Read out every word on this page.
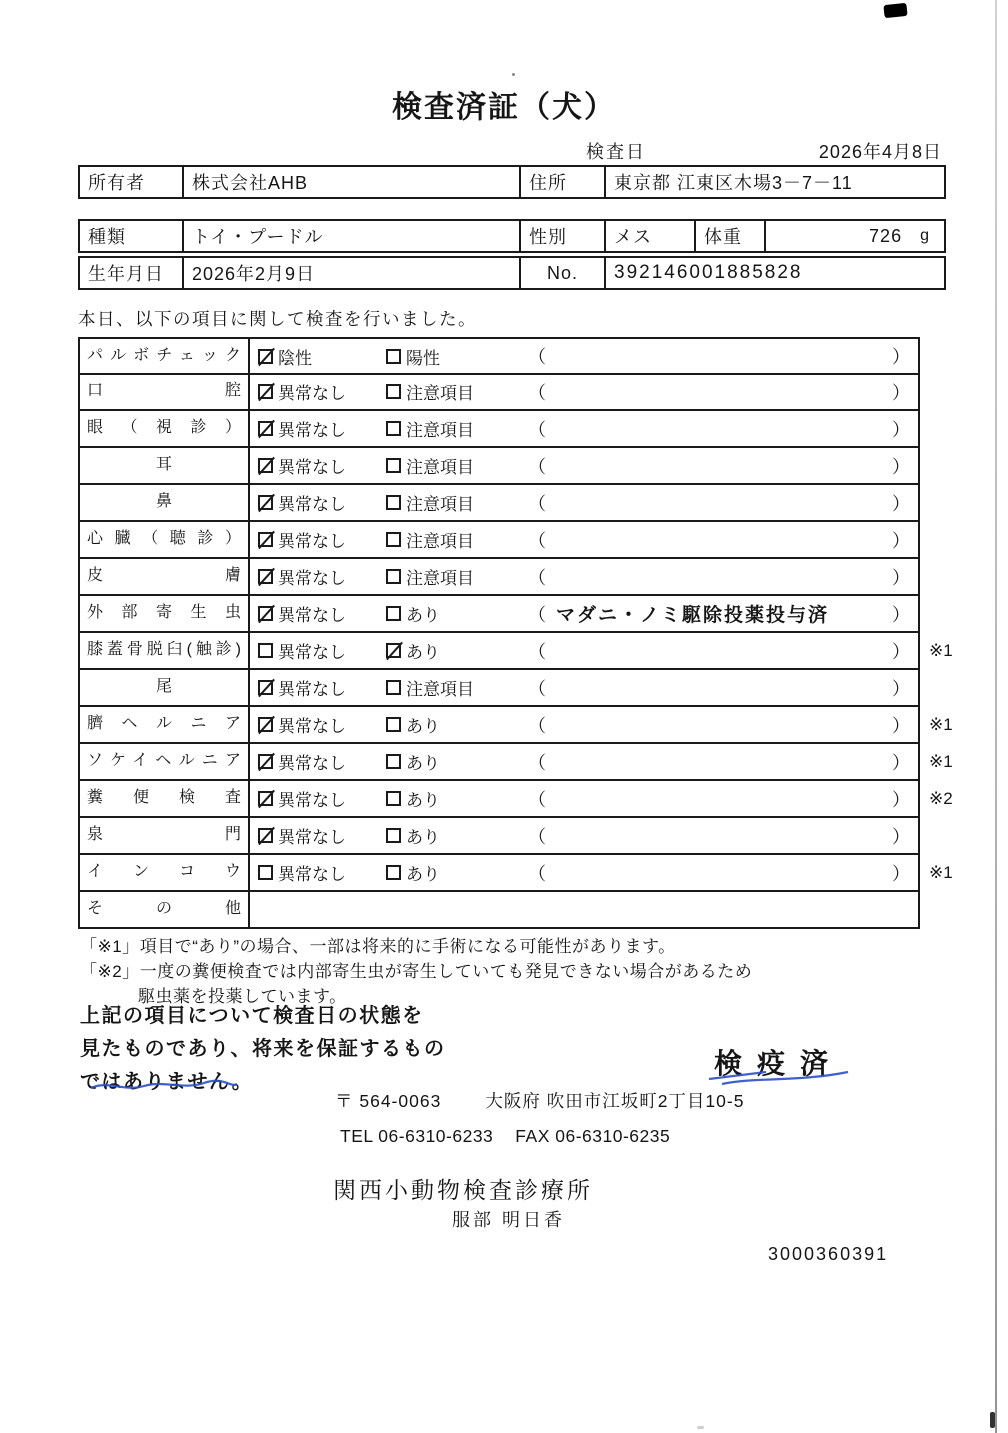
検査済証（犬）
検査日	2026年4月8日
所有者	株式会社AHB	住所	東京都 江東区木場3－7－11
種類	トイ・プードル	性別	メス	体重	726 g
生年月日	2026年2月9日	No.	392146001885828
本日、以下の項目に関して検査を行いました。
パルボチェック	陰性	陽性	（	）
口腔	異常なし	注意項目	（	）
眼（視診）	異常なし	注意項目	（	）
耳	異常なし	注意項目	（	）
鼻	異常なし	注意項目	（	）
心臓（聴診）	異常なし	注意項目	（	）
皮膚	異常なし	注意項目	（	）
外部寄生虫	異常なし	あり	（ マダニ・ノミ駆除投薬投与済	）
膝蓋骨脱臼(触診)	異常なし	あり	（	）	※1
尾	異常なし	注意項目	（	）
臍ヘルニア	異常なし	あり	（	）	※1
ソケイヘルニア	異常なし	あり	（	）	※1
糞便検査	異常なし	あり	（	）	※2
泉門	異常なし	あり	（	）
インコウ	異常なし	あり	（	）	※1
その他
「※1」項目で“あり”の場合、一部は将来的に手術になる可能性があります。
「※2」一度の糞便検査では内部寄生虫が寄生していても発見できない場合があるため
駆虫薬を投薬しています。
上記の項目について検査日の状態を
見たものであり、将来を保証するもの
ではありません。
検疫済
〒 564-0063	大阪府 吹田市江坂町2丁目10-5
TEL 06-6310-6233 FAX 06-6310-6235
関西小動物検査診療所
服部 明日香
3000360391
